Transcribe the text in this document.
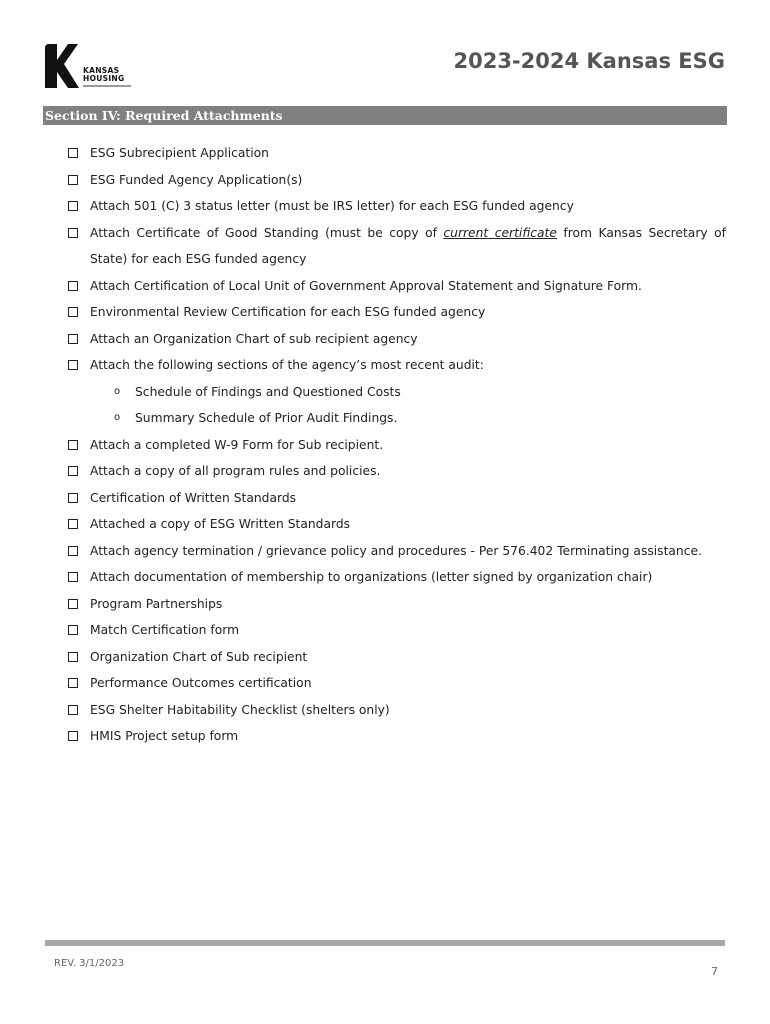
KANSAS HOUSING
2023-2024 Kansas ESG
Section IV: Required Attachments
ESG Subrecipient Application
ESG Funded Agency Application(s)
Attach 501 (C) 3 status letter (must be IRS letter) for each ESG funded agency
Attach Certificate of Good Standing (must be copy of current certificate from Kansas Secretary of State) for each ESG funded agency
Attach Certification of Local Unit of Government Approval Statement and Signature Form.
Environmental Review Certification for each ESG funded agency
Attach an Organization Chart of sub recipient agency
Attach the following sections of the agency’s most recent audit:
o Schedule of Findings and Questioned Costs
o Summary Schedule of Prior Audit Findings.
Attach a completed W-9 Form for Sub recipient.
Attach a copy of all program rules and policies.
Certification of Written Standards
Attached a copy of ESG Written Standards
Attach agency termination / grievance policy and procedures - Per 576.402 Terminating assistance.
Attach documentation of membership to organizations (letter signed by organization chair)
Program Partnerships
Match Certification form
Organization Chart of Sub recipient
Performance Outcomes certification
ESG Shelter Habitability Checklist (shelters only)
HMIS Project setup form
REV. 3/1/2023
7
